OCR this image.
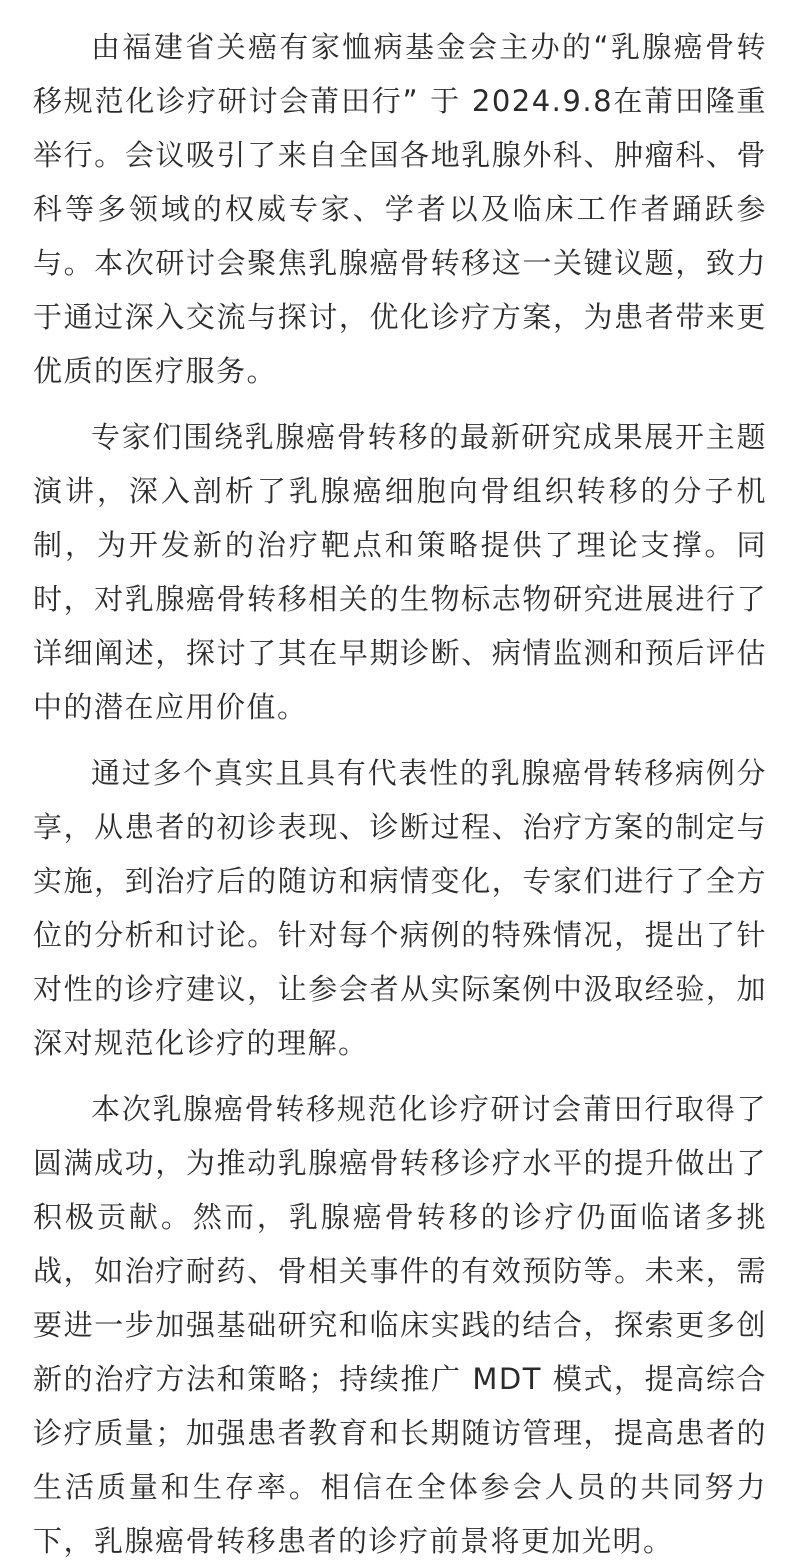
由福建省关癌有家恤病基金会主办的“乳腺癌骨转移规范化诊疗研讨会莆田行” 于 2024.9.8在莆田隆重举行。会议吸引了来自全国各地乳腺外科、肿瘤科、骨科等多领域的权威专家、学者以及临床工作者踊跃参与。本次研讨会聚焦乳腺癌骨转移这一关键议题，致力于通过深入交流与探讨，优化诊疗方案，为患者带来更优质的医疗服务。

专家们围绕乳腺癌骨转移的最新研究成果展开主题演讲，深入剖析了乳腺癌细胞向骨组织转移的分子机制，为开发新的治疗靶点和策略提供了理论支撑。同时，对乳腺癌骨转移相关的生物标志物研究进展进行了详细阐述，探讨了其在早期诊断、病情监测和预后评估中的潜在应用价值。

通过多个真实且具有代表性的乳腺癌骨转移病例分享，从患者的初诊表现、诊断过程、治疗方案的制定与实施，到治疗后的随访和病情变化，专家们进行了全方位的分析和讨论。针对每个病例的特殊情况，提出了针对性的诊疗建议，让参会者从实际案例中汲取经验，加深对规范化诊疗的理解。

本次乳腺癌骨转移规范化诊疗研讨会莆田行取得了圆满成功，为推动乳腺癌骨转移诊疗水平的提升做出了积极贡献。然而，乳腺癌骨转移的诊疗仍面临诸多挑战，如治疗耐药、骨相关事件的有效预防等。未来，需要进一步加强基础研究和临床实践的结合，探索更多创新的治疗方法和策略；持续推广 MDT 模式，提高综合诊疗质量；加强患者教育和长期随访管理，提高患者的生活质量和生存率。相信在全体参会人员的共同努力下，乳腺癌骨转移患者的诊疗前景将更加光明。
